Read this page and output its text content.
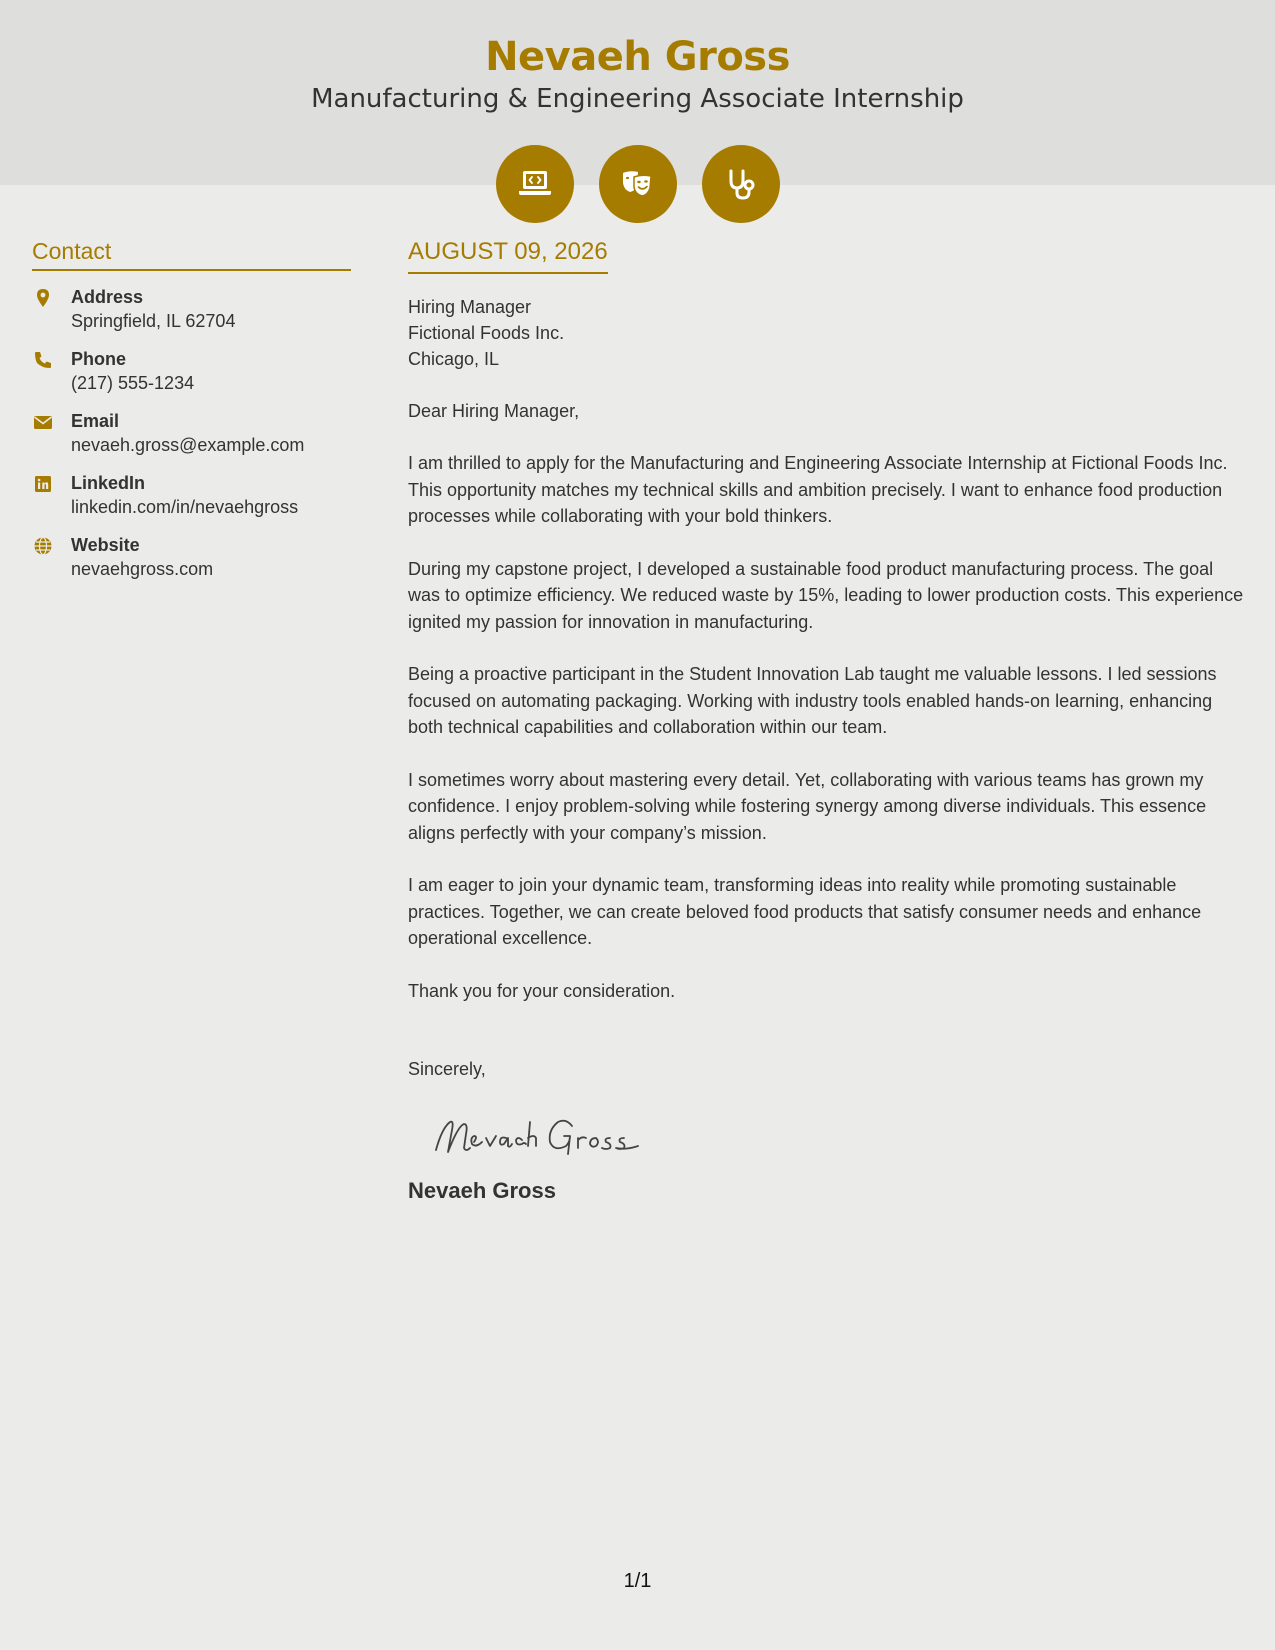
Nevaeh Gross
Manufacturing & Engineering Associate Internship
Contact
Address
Springfield, IL 62704
Phone
(217) 555-1234
Email
nevaeh.gross@example.com
LinkedIn
linkedin.com/in/nevaehgross
Website
nevaehgross.com
AUGUST 09, 2026
Hiring Manager
Fictional Foods Inc.
Chicago, IL
Dear Hiring Manager,
I am thrilled to apply for the Manufacturing and Engineering Associate Internship at Fictional Foods Inc. This opportunity matches my technical skills and ambition precisely. I want to enhance food production processes while collaborating with your bold thinkers.
During my capstone project, I developed a sustainable food product manufacturing process. The goal was to optimize efficiency. We reduced waste by 15%, leading to lower production costs. This experience ignited my passion for innovation in manufacturing.
Being a proactive participant in the Student Innovation Lab taught me valuable lessons. I led sessions focused on automating packaging. Working with industry tools enabled hands-on learning, enhancing both technical capabilities and collaboration within our team.
I sometimes worry about mastering every detail. Yet, collaborating with various teams has grown my confidence. I enjoy problem-solving while fostering synergy among diverse individuals. This essence aligns perfectly with your company’s mission.
I am eager to join your dynamic team, transforming ideas into reality while promoting sustainable practices. Together, we can create beloved food products that satisfy consumer needs and enhance operational excellence.
Thank you for your consideration.
Sincerely,
Nevaeh Gross
1/1
